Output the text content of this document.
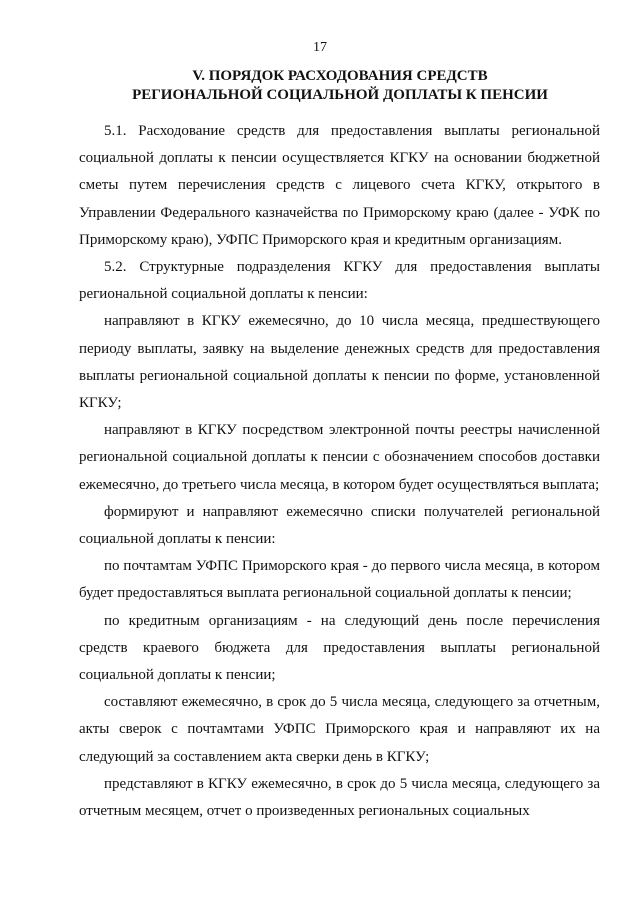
17
V. ПОРЯДОК РАСХОДОВАНИЯ СРЕДСТВ
РЕГИОНАЛЬНОЙ СОЦИАЛЬНОЙ ДОПЛАТЫ К ПЕНСИИ

5.1. Расходование средств для предоставления выплаты региональной социальной доплаты к пенсии осуществляется КГКУ на основании бюджетной сметы путем перечисления средств с лицевого счета КГКУ, открытого в Управлении Федерального казначейства по Приморскому краю (далее - УФК по Приморскому краю), УФПС Приморского края и кредитным организациям.

5.2. Структурные подразделения КГКУ для предоставления выплаты региональной социальной доплаты к пенсии:

направляют в КГКУ ежемесячно, до 10 числа месяца, предшествующего периоду выплаты, заявку на выделение денежных средств для предоставления выплаты региональной социальной доплаты к пенсии по форме, установленной КГКУ;

направляют в КГКУ посредством электронной почты реестры начисленной региональной социальной доплаты к пенсии с обозначением способов доставки ежемесячно, до третьего числа месяца, в котором будет осуществляться выплата;

формируют и направляют ежемесячно списки получателей региональной социальной доплаты к пенсии:

по почтамтам УФПС Приморского края - до первого числа месяца, в котором будет предоставляться выплата региональной социальной доплаты к пенсии;

по кредитным организациям - на следующий день после перечисления средств краевого бюджета для предоставления выплаты региональной социальной доплаты к пенсии;

составляют ежемесячно, в срок до 5 числа месяца, следующего за отчетным, акты сверок с почтамтами УФПС Приморского края и направляют их на следующий за составлением акта сверки день в КГКУ;

представляют в КГКУ ежемесячно, в срок до 5 числа месяца, следующего за отчетным месяцем, отчет о произведенных региональных социальных
